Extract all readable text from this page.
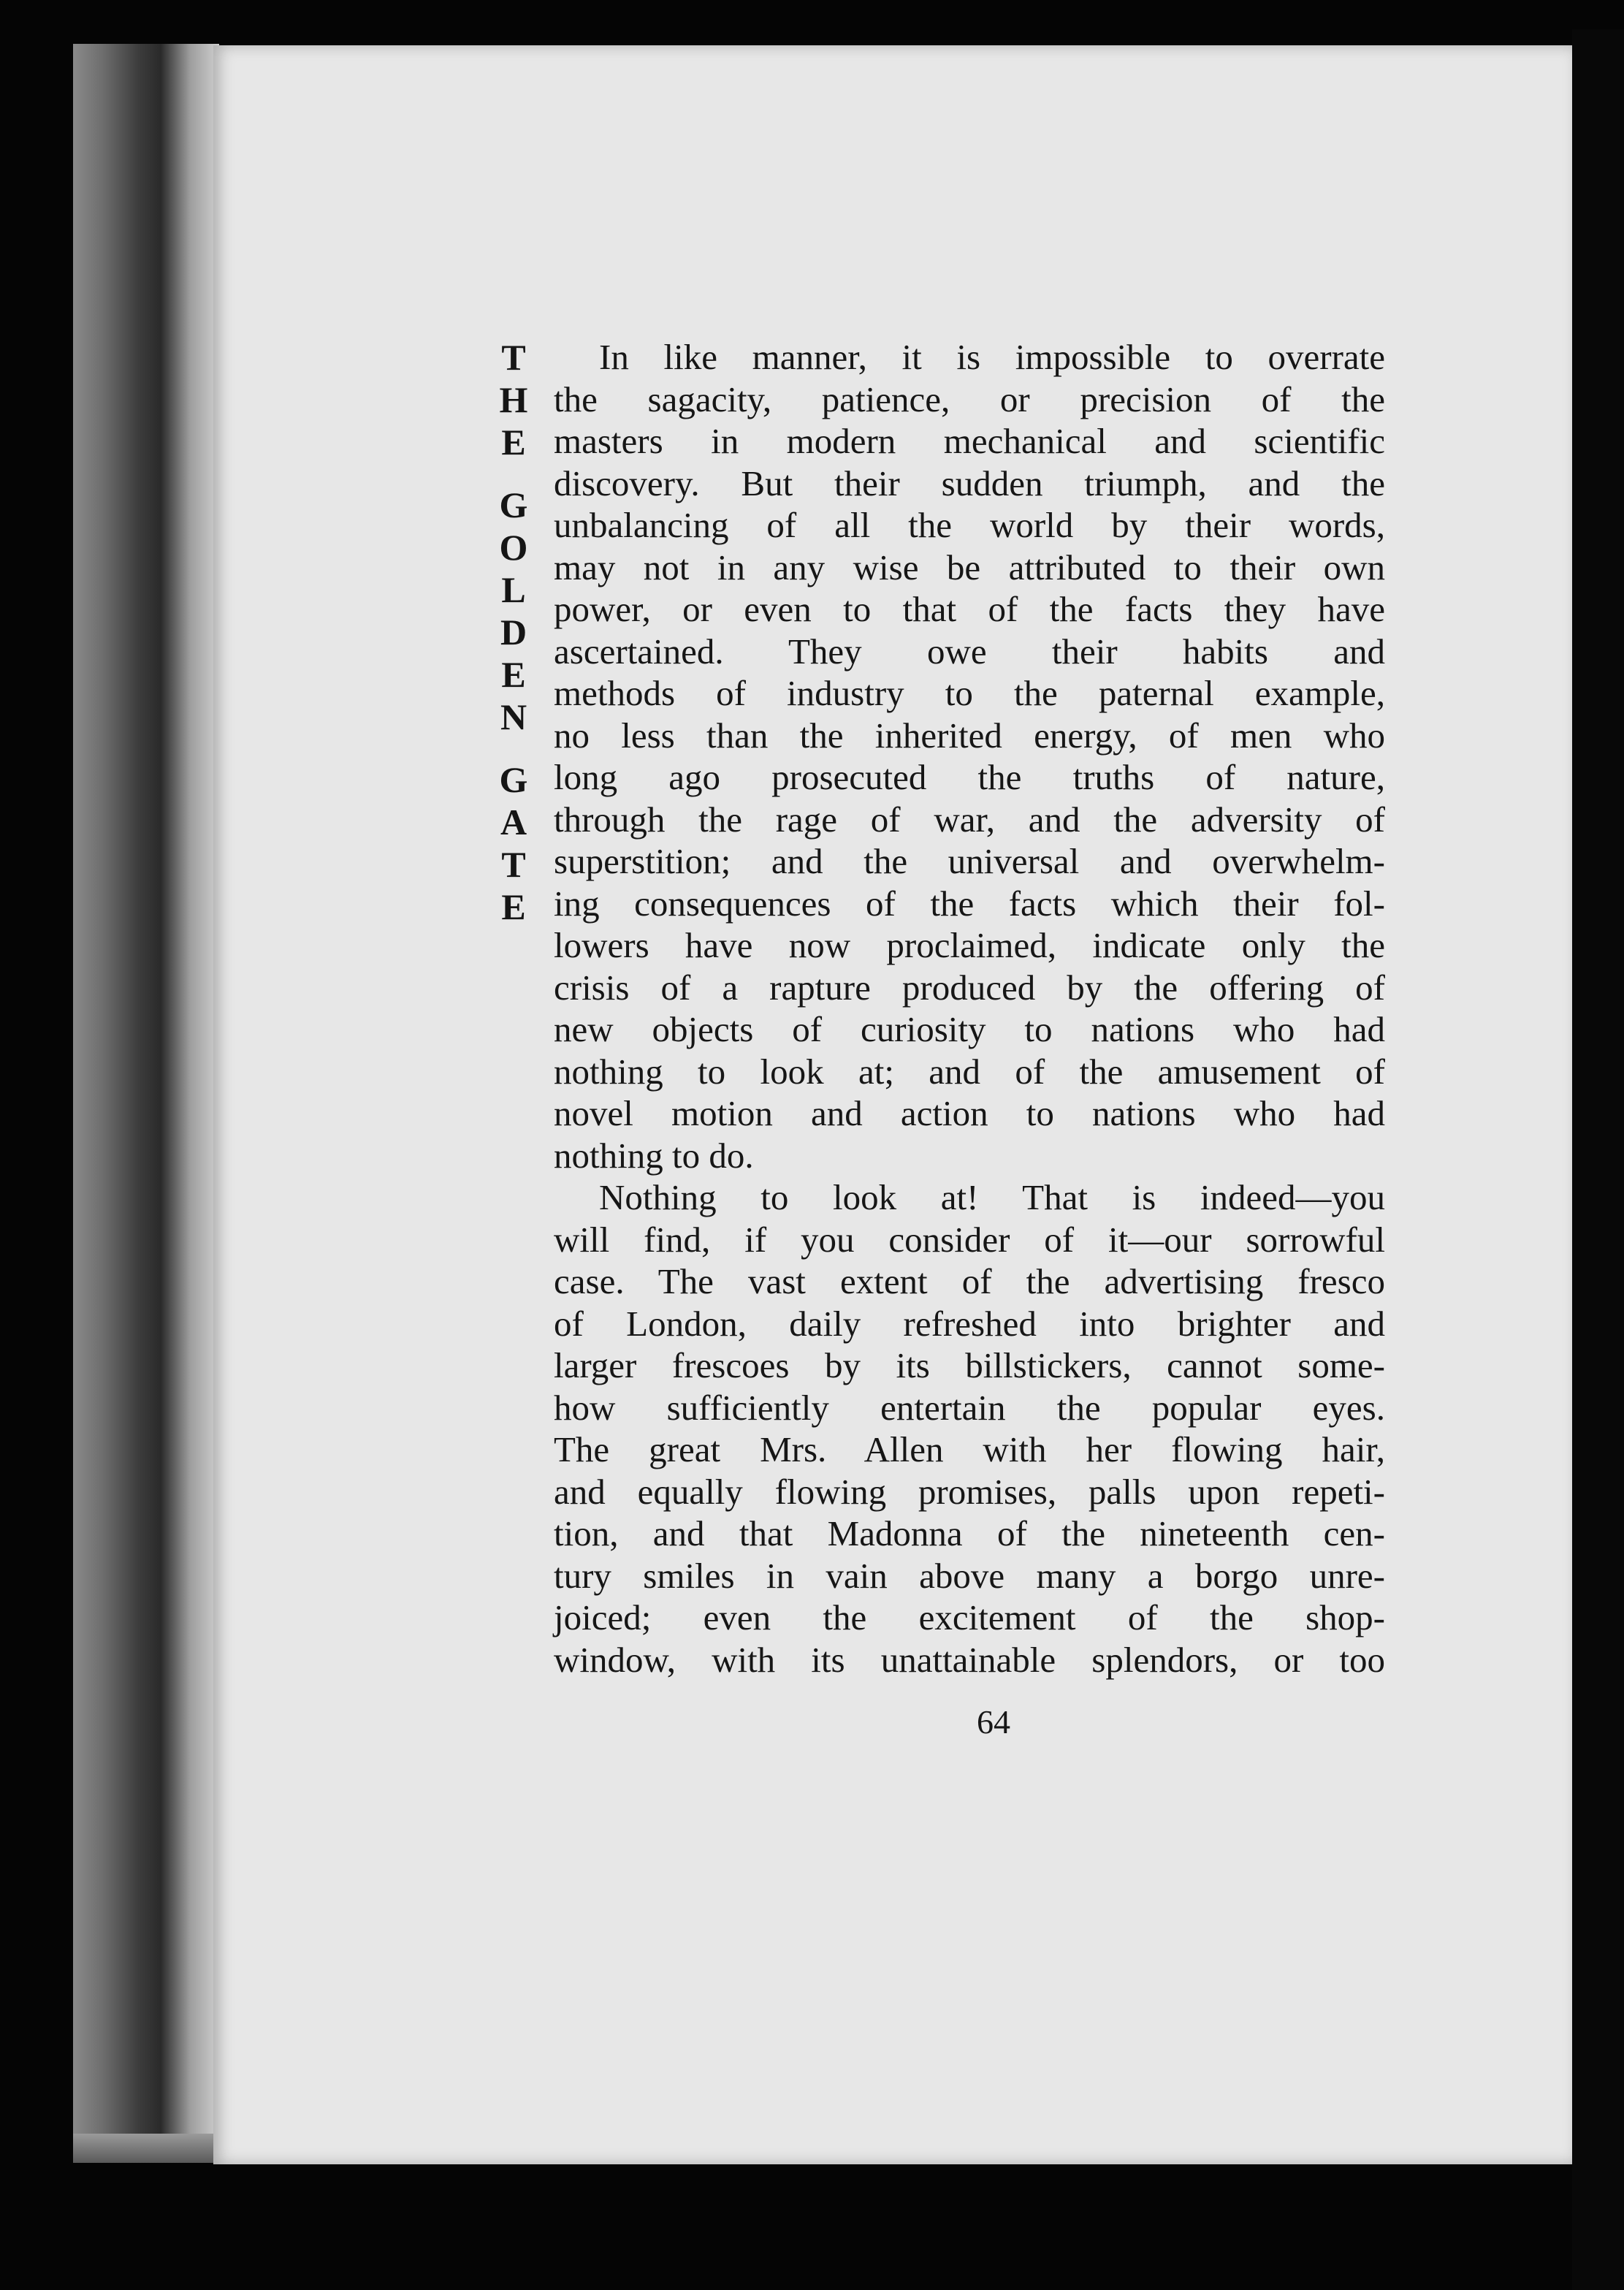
T
H
E
G
O
L
D
E
N
G
A
T
E
In like manner, it is impossible to overrate
the sagacity, patience, or precision of the
masters in modern mechanical and scientific
discovery. But their sudden triumph, and the
unbalancing of all the world by their words,
may not in any wise be attributed to their own
power, or even to that of the facts they have
ascertained. They owe their habits and
methods of industry to the paternal example,
no less than the inherited energy, of men who
long ago prosecuted the truths of nature,
through the rage of war, and the adversity of
superstition; and the universal and overwhelm-
ing consequences of the facts which their fol-
lowers have now proclaimed, indicate only the
crisis of a rapture produced by the offering of
new objects of curiosity to nations who had
nothing to look at; and of the amusement of
novel motion and action to nations who had
nothing to do.
Nothing to look at! That is indeed—you
will find, if you consider of it—our sorrowful
case. The vast extent of the advertising fresco
of London, daily refreshed into brighter and
larger frescoes by its billstickers, cannot some-
how sufficiently entertain the popular eyes.
The great Mrs. Allen with her flowing hair,
and equally flowing promises, palls upon repeti-
tion, and that Madonna of the nineteenth cen-
tury smiles in vain above many a borgo unre-
joiced; even the excitement of the shop-
window, with its unattainable splendors, or too
64
